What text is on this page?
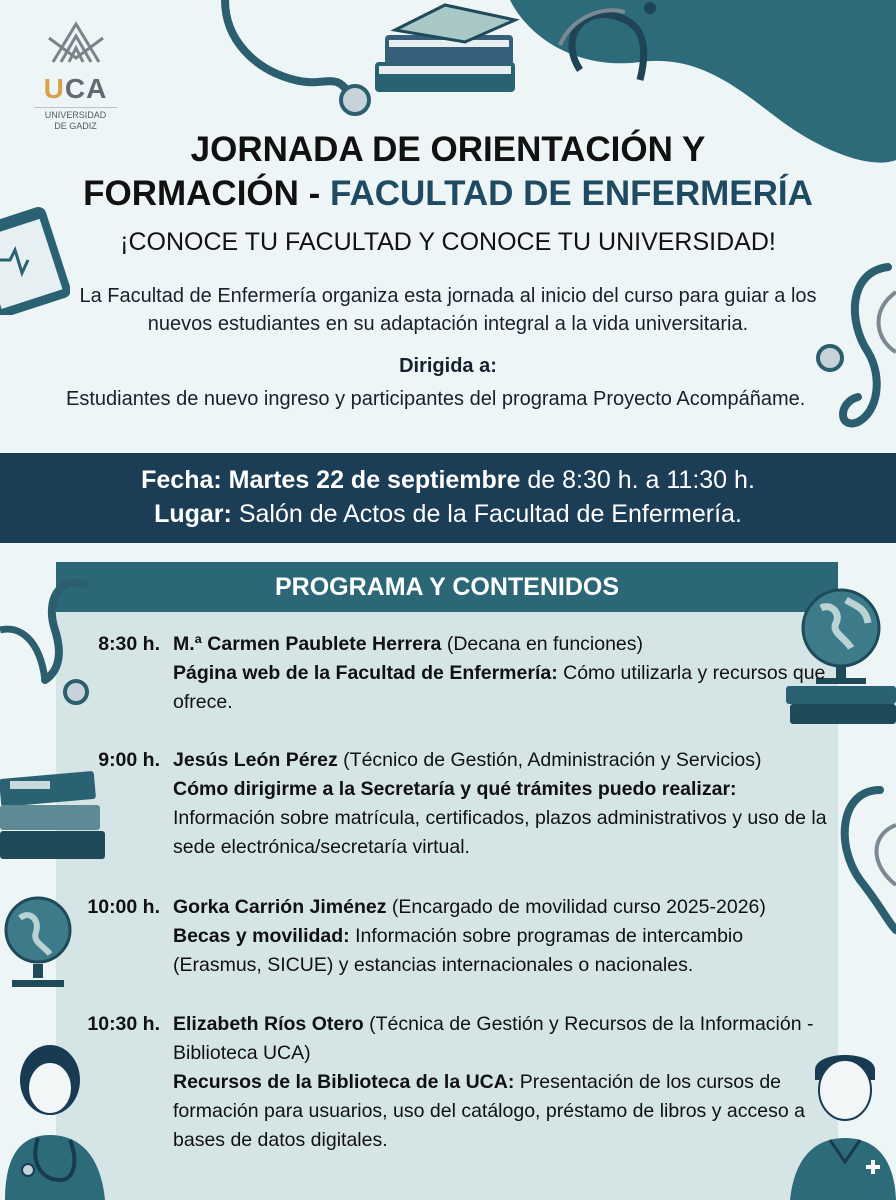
UCA
UNIVERSIDAD
DE GADIZ
JORNADA DE ORIENTACIÓN Y
FORMACIÓN - FACULTAD DE ENFERMERÍA
¡CONOCE TU FACULTAD Y CONOCE TU UNIVERSIDAD!
La Facultad de Enfermería organiza esta jornada al inicio del curso para guiar a los nuevos estudiantes en su adaptación integral a la vida universitaria.
Dirigida a:
Estudiantes de nuevo ingreso y participantes del programa Proyecto Acompáñame.
Fecha: Martes 22 de septiembre de 8:30 h. a 11:30 h.
Lugar: Salón de Actos de la Facultad de Enfermería.
PROGRAMA Y CONTENIDOS
8:30 h. M.ª Carmen Paublete Herrera (Decana en funciones)
Página web de la Facultad de Enfermería: Cómo utilizarla y recursos que ofrece.
9:00 h. Jesús León Pérez (Técnico de Gestión, Administración y Servicios)
Cómo dirigirme a la Secretaría y qué trámites puedo realizar: Información sobre matrícula, certificados, plazos administrativos y uso de la sede electrónica/secretaría virtual.
10:00 h. Gorka Carrión Jiménez (Encargado de movilidad curso 2025-2026)
Becas y movilidad: Información sobre programas de intercambio (Erasmus, SICUE) y estancias internacionales o nacionales.
10:30 h. Elizabeth Ríos Otero (Técnica de Gestión y Recursos de la Información - Biblioteca UCA)
Recursos de la Biblioteca de la UCA: Presentación de los cursos de formación para usuarios, uso del catálogo, préstamo de libros y acceso a bases de datos digitales.
